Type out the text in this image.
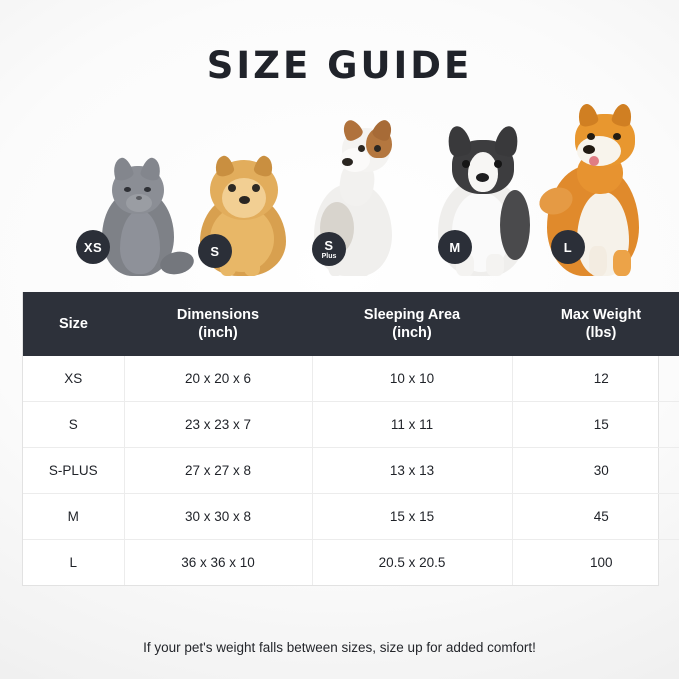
SIZE GUIDE
XS	S	S
Plus
M	L
Size

Dimensions
(inch)

Sleeping Area
(inch)

Max Weight
(lbs)

XS	20 x 20 x 6	10 x 10	12
S	23 x 23 x 7	11 x 11	15
S-PLUS	27 x 27 x 8	13 x 13	30
M	30 x 30 x 8	15 x 15	45
L	36 x 36 x 10	20.5 x 20.5	100
If your pet's weight falls between sizes, size up for added comfort!
